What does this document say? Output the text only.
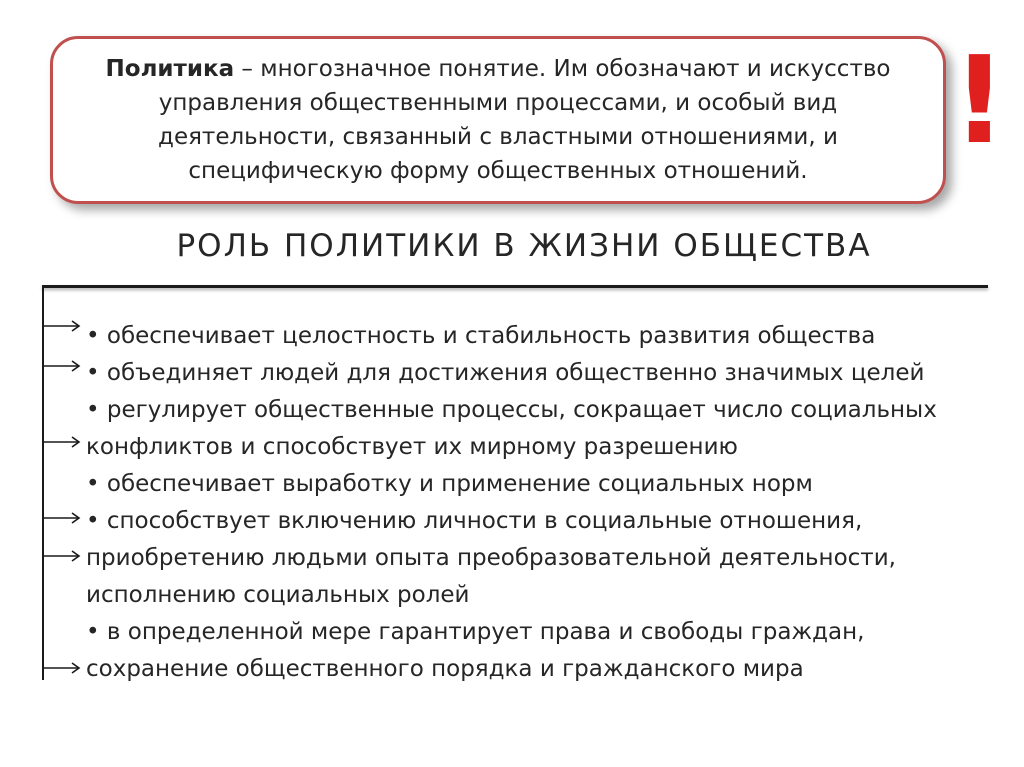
Политика – многозначное понятие. Им обозначают и искусство управления общественными процессами, и особый вид деятельности, связанный с властными отношениями, и специфическую форму общественных отношений.	!
РОЛЬ ПОЛИТИКИ В ЖИЗНИ ОБЩЕСТВА
• обеспечивает целостность и стабильность развития общества
• объединяет людей для достижения общественно значимых целей
• регулирует общественные процессы, сокращает число социальных конфликтов и способствует их мирному разрешению
• обеспечивает выработку и применение социальных норм
• способствует включению личности в социальные отношения, приобретению людьми опыта преобразовательной деятельности, исполнению социальных ролей
• в определенной мере гарантирует права и свободы граждан, сохранение общественного порядка и гражданского мира
